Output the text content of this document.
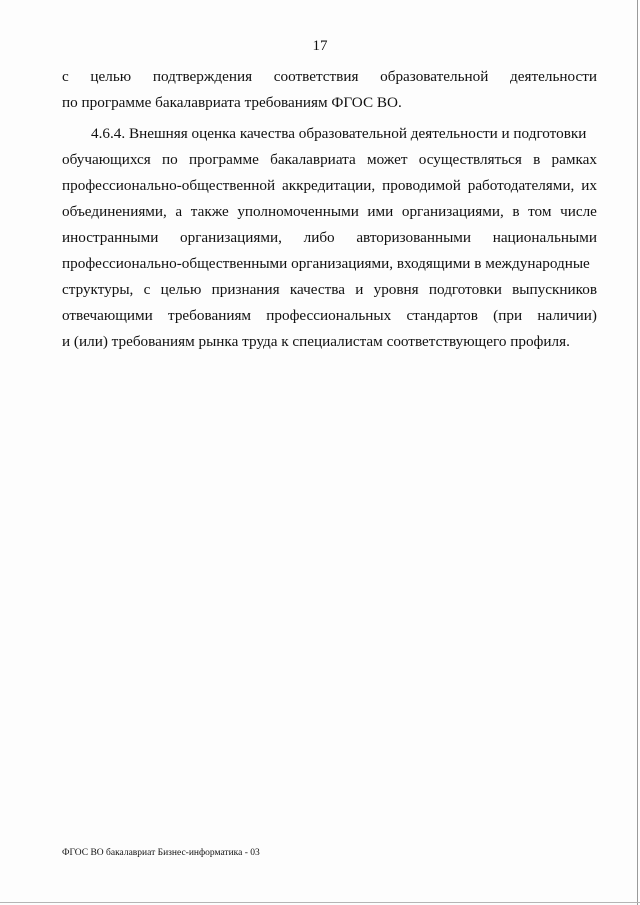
17
с целью подтверждения соответствия образовательной деятельности
по программе бакалавриата требованиям ФГОС ВО.
4.6.4. Внешняя оценка качества образовательной деятельности и подготовки
обучающихся по программе бакалавриата может осуществляться в рамках
профессионально-общественной аккредитации, проводимой работодателями, их
объединениями, а также уполномоченными ими организациями, в том числе
иностранными организациями, либо авторизованными национальными
профессионально-общественными организациями, входящими в международные
структуры, с целью признания качества и уровня подготовки выпускников
отвечающими требованиям профессиональных стандартов (при наличии)
и (или) требованиям рынка труда к специалистам соответствующего профиля.
ФГОС ВО бакалавриат Бизнес-информатика - 03
